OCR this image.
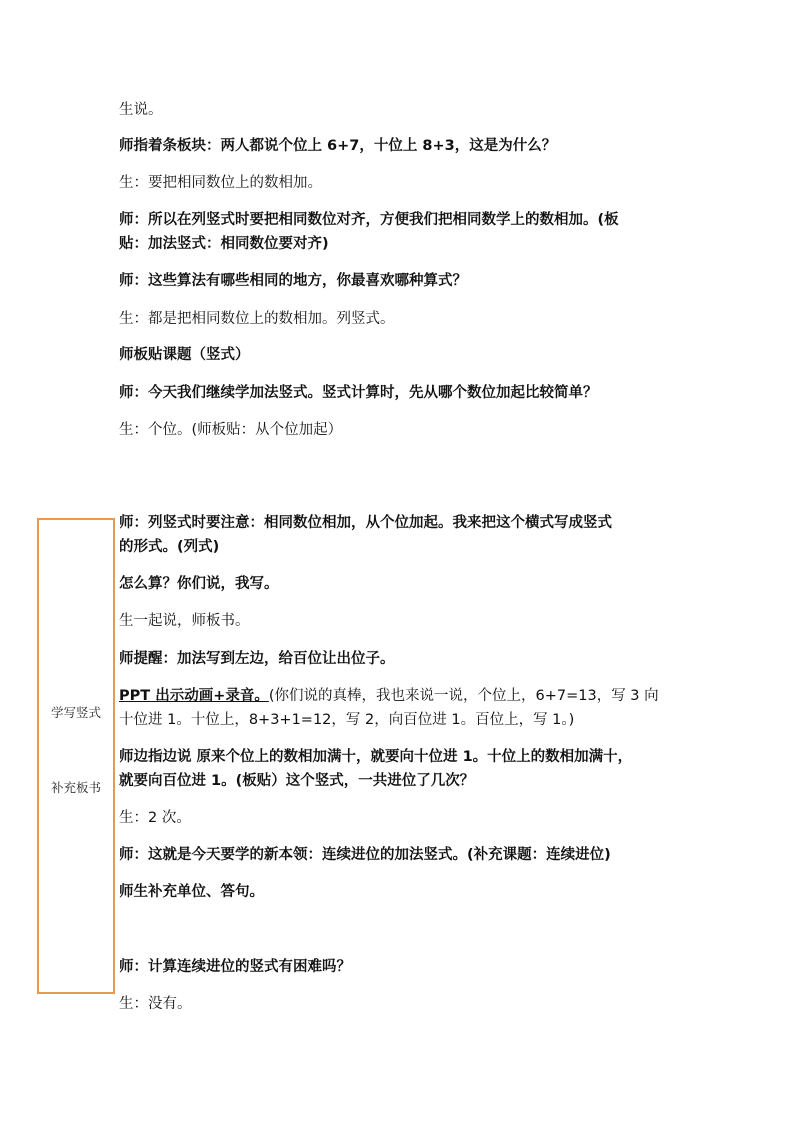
生说。
师指着条板块：两人都说个位上 6+7，十位上 8+3，这是为什么？
生：要把相同数位上的数相加。
师：所以在列竖式时要把相同数位对齐，方便我们把相同数学上的数相加。(板
贴：加法竖式：相同数位要对齐)
师：这些算法有哪些相同的地方，你最喜欢哪种算式？
生：都是把相同数位上的数相加。列竖式。
师板贴课题（竖式）
师：今天我们继续学加法竖式。竖式计算时，先从哪个数位加起比较简单？
生：个位。(师板贴：从个位加起）
学写竖式
补充板书
师：列竖式时要注意：相同数位相加，从个位加起。我来把这个横式写成竖式
的形式。(列式)
怎么算？你们说，我写。
生一起说，师板书。
师提醒：加法写到左边，给百位让出位子。
PPT 出示动画+录音。(你们说的真棒，我也来说一说，个位上，6+7=13，写 3 向
十位进 1。十位上，8+3+1=12，写 2，向百位进 1。百位上，写 1。)
师边指边说 原来个位上的数相加满十，就要向十位进 1。十位上的数相加满十，
就要向百位进 1。(板贴）这个竖式，一共进位了几次？
生：2 次。
师：这就是今天要学的新本领：连续进位的加法竖式。(补充课题：连续进位)
师生补充单位、答句。
师：计算连续进位的竖式有困难吗？
生：没有。
